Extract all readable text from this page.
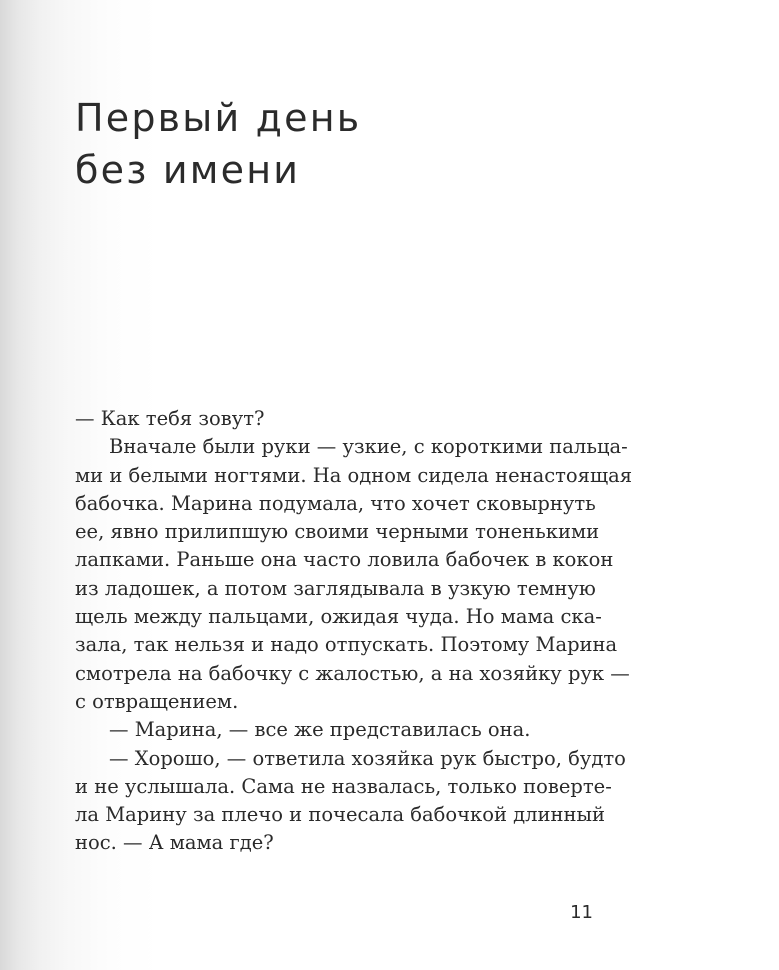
Первый день
без имени
— Как тебя зовут?
Вначале были руки — узкие, с короткими пальца-
ми и белыми ногтями. На одном сидела ненастоящая
бабочка. Марина подумала, что хочет сковырнуть
ее, явно прилипшую своими черными тоненькими
лапками. Раньше она часто ловила бабочек в кокон
из ладошек, а потом заглядывала в узкую темную
щель между пальцами, ожидая чуда. Но мама ска-
зала, так нельзя и надо отпускать. Поэтому Марина
смотрела на бабочку с жалостью, а на хозяйку рук —
с отвращением.
— Марина, — все же представилась она.
— Хорошо, — ответила хозяйка рук быстро, будто
и не услышала. Сама не назвалась, только поверте-
ла Марину за плечо и почесала бабочкой длинный
нос. — А мама где?
11
